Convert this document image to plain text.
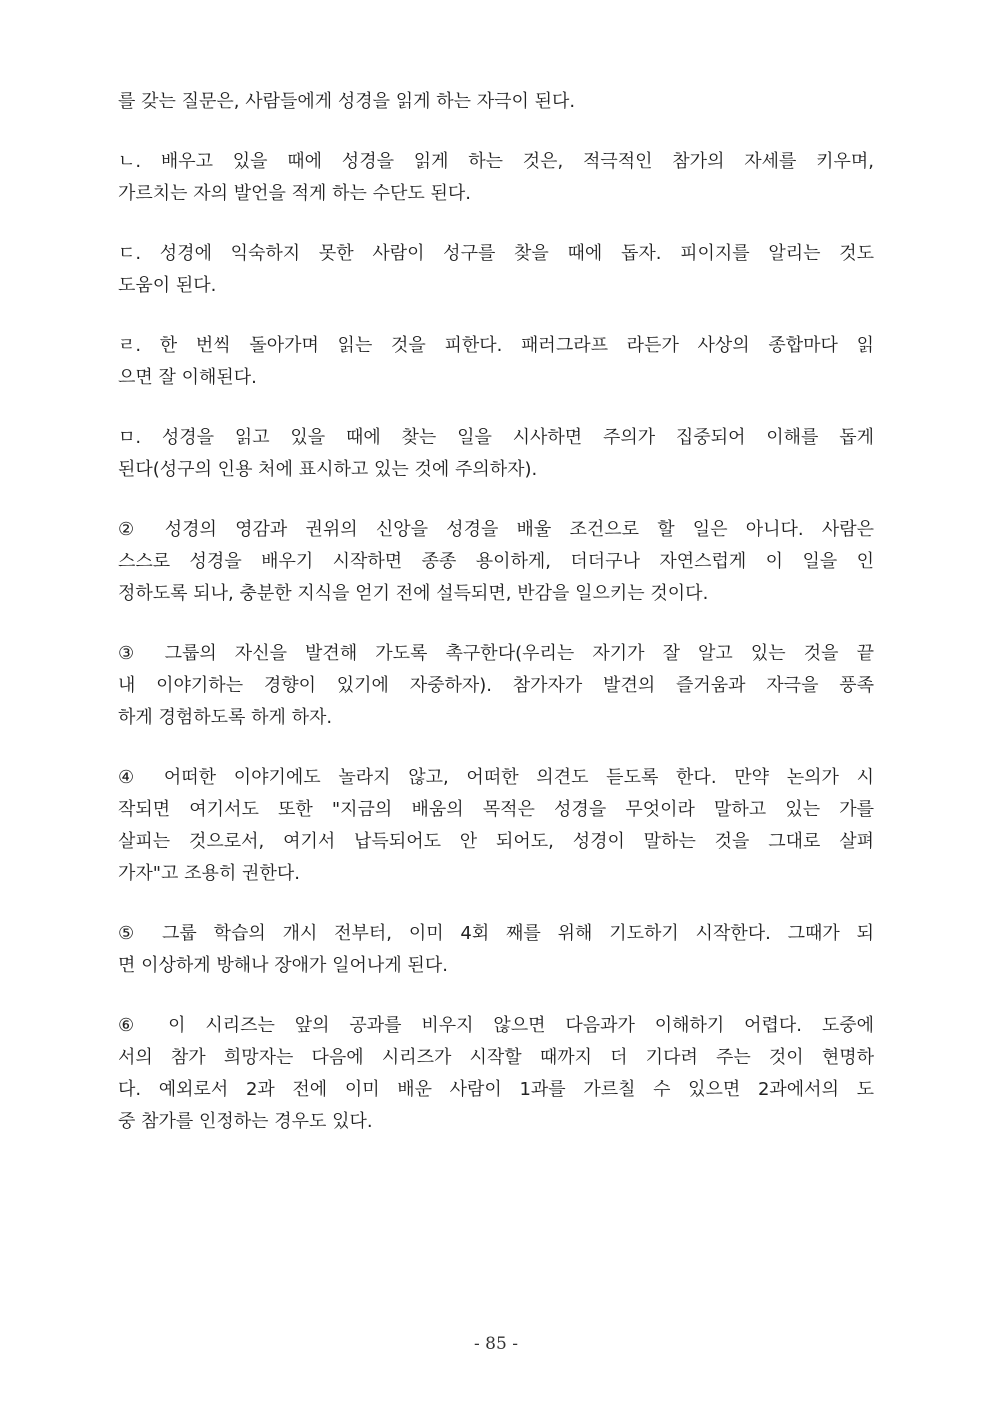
를 갖는 질문은, 사람들에게 성경을 읽게 하는 자극이 된다.

ㄴ. 배우고 있을 때에 성경을 읽게 하는 것은, 적극적인 참가의 자세를 키우며,
가르치는 자의 발언을 적게 하는 수단도 된다.

ㄷ. 성경에 익숙하지 못한 사람이 성구를 찾을 때에 돕자. 피이지를 알리는 것도
도움이 된다.

ㄹ. 한 번씩 돌아가며 읽는 것을 피한다. 패러그라프 라든가 사상의 종합마다 읽
으면 잘 이해된다.

ㅁ. 성경을 읽고 있을 때에 찾는 일을 시사하면 주의가 집중되어 이해를 돕게
된다(성구의 인용 처에 표시하고 있는 것에 주의하자).

② 성경의 영감과 권위의 신앙을 성경을 배울 조건으로 할 일은 아니다. 사람은
스스로 성경을 배우기 시작하면 종종 용이하게, 더더구나 자연스럽게 이 일을 인
정하도록 되나, 충분한 지식을 얻기 전에 설득되면, 반감을 일으키는 것이다.

③ 그룹의 자신을 발견해 가도록 촉구한다(우리는 자기가 잘 알고 있는 것을 끝
내 이야기하는 경향이 있기에 자중하자). 참가자가 발견의 즐거움과 자극을 풍족
하게 경험하도록 하게 하자.

④ 어떠한 이야기에도 놀라지 않고, 어떠한 의견도 듣도록 한다. 만약 논의가 시
작되면 여기서도 또한 "지금의 배움의 목적은 성경을 무엇이라 말하고 있는 가를
살피는 것으로서, 여기서 납득되어도 안 되어도, 성경이 말하는 것을 그대로 살펴
가자"고 조용히 권한다.

⑤ 그룹 학습의 개시 전부터, 이미 4회 째를 위해 기도하기 시작한다. 그때가 되
면 이상하게 방해나 장애가 일어나게 된다.

⑥ 이 시리즈는 앞의 공과를 비우지 않으면 다음과가 이해하기 어렵다. 도중에
서의 참가 희망자는 다음에 시리즈가 시작할 때까지 더 기다려 주는 것이 현명하
다. 예외로서 2과 전에 이미 배운 사람이 1과를 가르칠 수 있으면 2과에서의 도
중 참가를 인정하는 경우도 있다.

- 85 -
